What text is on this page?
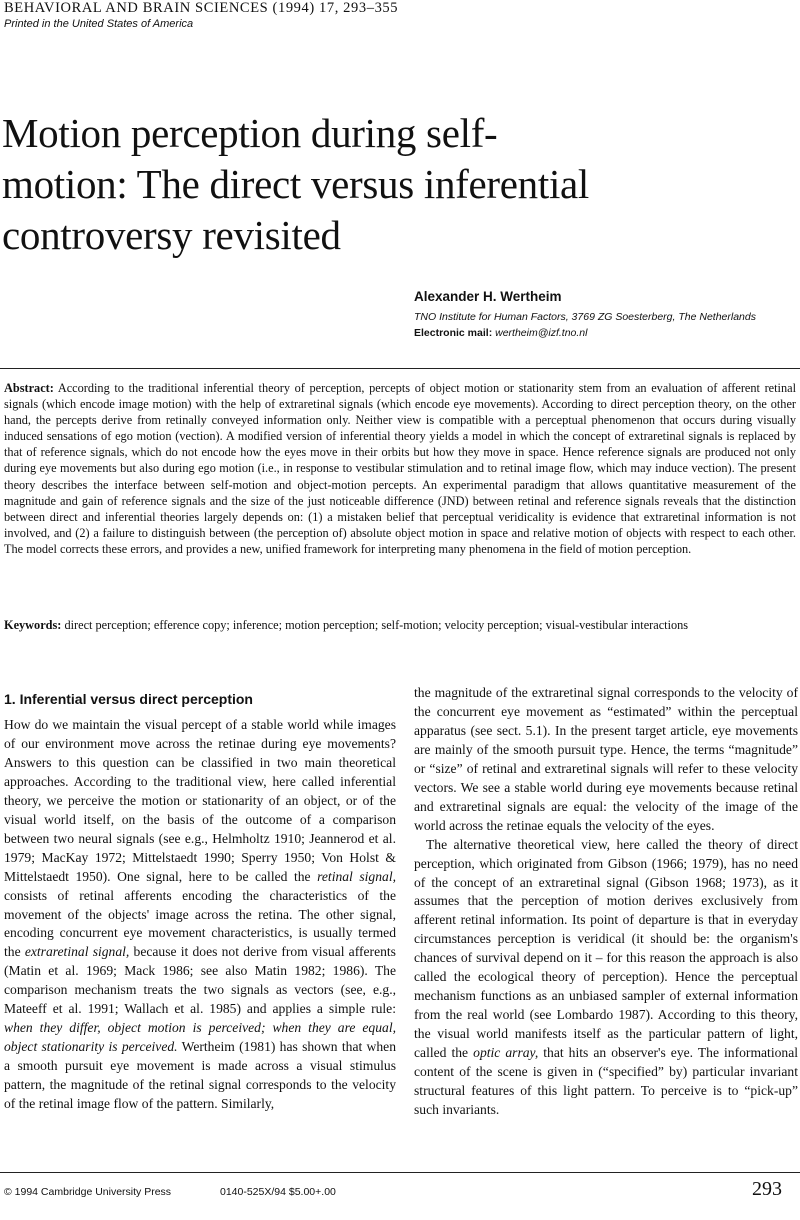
BEHAVIORAL AND BRAIN SCIENCES (1994) 17, 293–355
Printed in the United States of America
Motion perception during self-motion: The direct versus inferential controversy revisited
Alexander H. Wertheim
TNO Institute for Human Factors, 3769 ZG Soesterberg, The Netherlands
Electronic mail: wertheim@izf.tno.nl
Abstract: According to the traditional inferential theory of perception, percepts of object motion or stationarity stem from an evaluation of afferent retinal signals (which encode image motion) with the help of extraretinal signals (which encode eye movements). According to direct perception theory, on the other hand, the percepts derive from retinally conveyed information only. Neither view is compatible with a perceptual phenomenon that occurs during visually induced sensations of ego motion (vection). A modified version of inferential theory yields a model in which the concept of extraretinal signals is replaced by that of reference signals, which do not encode how the eyes move in their orbits but how they move in space. Hence reference signals are produced not only during eye movements but also during ego motion (i.e., in response to vestibular stimulation and to retinal image flow, which may induce vection). The present theory describes the interface between self-motion and object-motion percepts. An experimental paradigm that allows quantitative measurement of the magnitude and gain of reference signals and the size of the just noticeable difference (JND) between retinal and reference signals reveals that the distinction between direct and inferential theories largely depends on: (1) a mistaken belief that perceptual veridicality is evidence that extraretinal information is not involved, and (2) a failure to distinguish between (the perception of) absolute object motion in space and relative motion of objects with respect to each other. The model corrects these errors, and provides a new, unified framework for interpreting many phenomena in the field of motion perception.
Keywords: direct perception; efference copy; inference; motion perception; self-motion; velocity perception; visual-vestibular interactions
1. Inferential versus direct perception

How do we maintain the visual percept of a stable world while images of our environment move across the retinae during eye movements? Answers to this question can be classified in two main theoretical approaches. According to the traditional view, here called inferential theory, we perceive the motion or stationarity of an object, or of the visual world itself, on the basis of the outcome of a comparison between two neural signals (see e.g., Helmholtz 1910; Jeannerod et al. 1979; MacKay 1972; Mittelstaedt 1990; Sperry 1950; Von Holst & Mittelstaedt 1950). One signal, here to be called the retinal signal, consists of retinal afferents encoding the characteristics of the movement of the objects' image across the retina. The other signal, encoding concurrent eye movement characteristics, is usually termed the extraretinal signal, because it does not derive from visual afferents (Matin et al. 1969; Mack 1986; see also Matin 1982; 1986). The comparison mechanism treats the two signals as vectors (see, e.g., Mateeff et al. 1991; Wallach et al. 1985) and applies a simple rule: when they differ, object motion is perceived; when they are equal, object stationarity is perceived. Wertheim (1981) has shown that when a smooth pursuit eye movement is made across a visual stimulus pattern, the magnitude of the retinal signal corresponds to the velocity of the retinal image flow of the pattern. Similarly,

the magnitude of the extraretinal signal corresponds to the velocity of the concurrent eye movement as “estimated” within the perceptual apparatus (see sect. 5.1). In the present target article, eye movements are mainly of the smooth pursuit type. Hence, the terms “magnitude” or “size” of retinal and extraretinal signals will refer to these velocity vectors. We see a stable world during eye movements because retinal and extraretinal signals are equal: the velocity of the image of the world across the retinae equals the velocity of the eyes.

The alternative theoretical view, here called the theory of direct perception, which originated from Gibson (1966; 1979), has no need of the concept of an extraretinal signal (Gibson 1968; 1973), as it assumes that the perception of motion derives exclusively from afferent retinal information. Its point of departure is that in everyday circumstances perception is veridical (it should be: the organism's chances of survival depend on it – for this reason the approach is also called the ecological theory of perception). Hence the perceptual mechanism functions as an unbiased sampler of external information from the real world (see Lombardo 1987). According to this theory, the visual world manifests itself as the particular pattern of light, called the optic array, that hits an observer's eye. The informational content of the scene is given in (“specified” by) particular invariant structural features of this light pattern. To perceive is to “pick-up” such invariants.

© 1994 Cambridge University Press	0140-525X/94 $5.00+.00	293
